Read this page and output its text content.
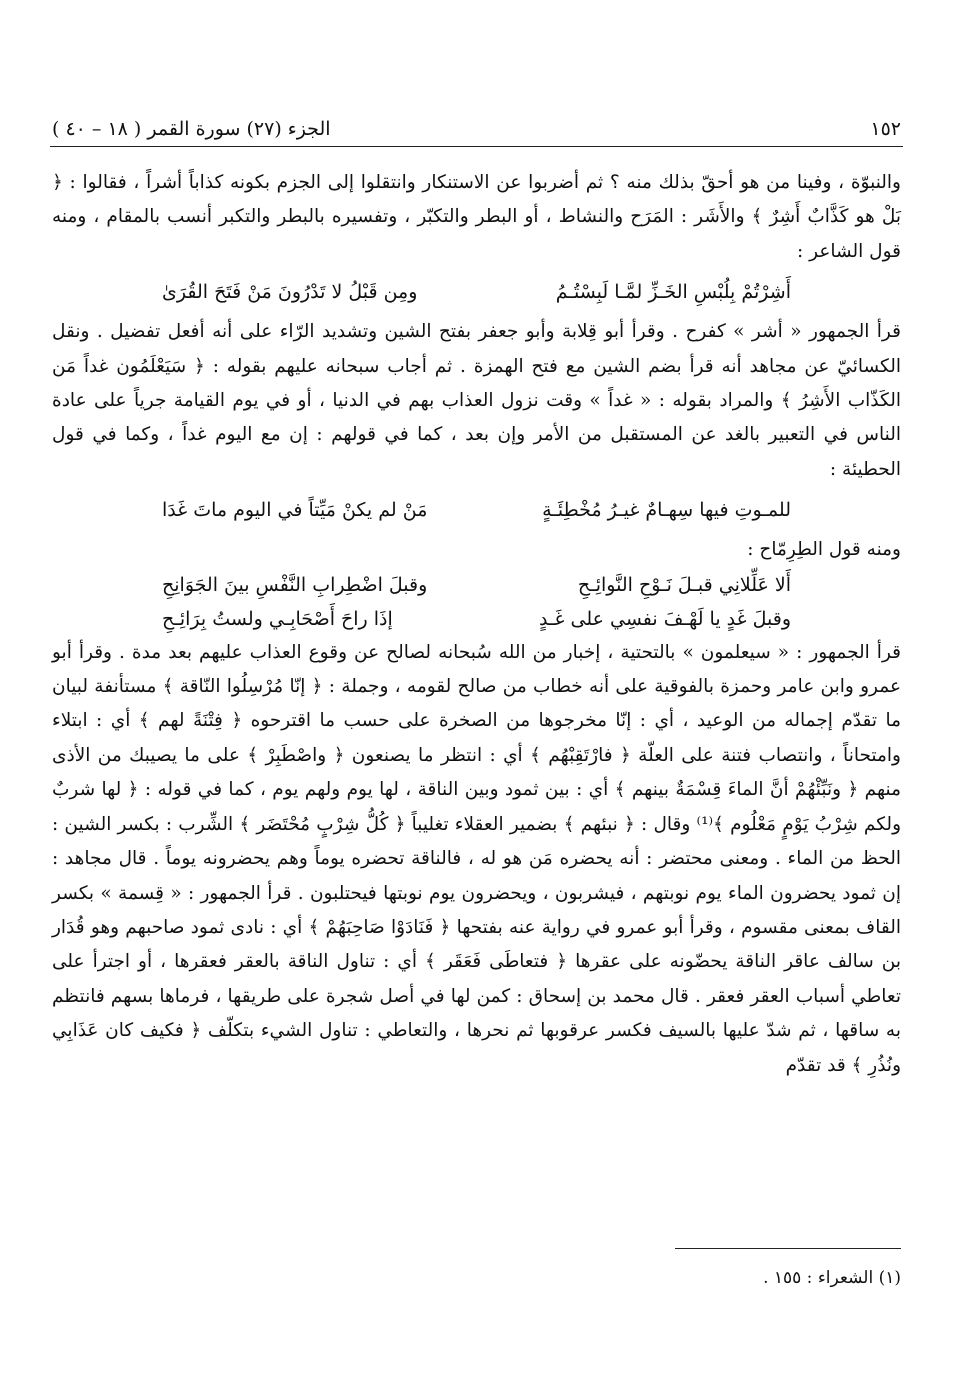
١٥٢
الجزء (٢٧) سورة القمر ( ١٨ – ٤٠ )

والنبوّة ، وفينا من هو أحقّ بذلك منه ؟ ثم أضربوا عن الاستنكار وانتقلوا إلى الجزم بكونه كذاباً أشراً ، فقالوا : ﴿ بَلْ هو كَذَّابٌ أَشِرٌ ﴾ والأَشَر : المَرَح والنشاط ، أو البطر والتكبّر ، وتفسيره بالبطر والتكبر أنسب بالمقام ، ومنه قول الشاعر :

أَشِرْتُمْ بِلُبْسِ الخَـزِّ لمَّـا لَبِسْتُـمُ
ومِن قَبْلُ لا تَدْرُونَ مَنْ فَتَحَ القُرَىٰ

قرأ الجمهور « أشر » كفرح . وقرأ أبو قِلابة وأبو جعفر بفتح الشين وتشديد الرّاء على أنه أفعل تفضيل . ونقل الكسائيّ عن مجاهد أنه قرأ بضم الشين مع فتح الهمزة . ثم أجاب سبحانه عليهم بقوله : ﴿ سَيَعْلَمُون غداً مَن الكَذّاب الأَشِرُ ﴾ والمراد بقوله : « غداً » وقت نزول العذاب بهم في الدنيا ، أو في يوم القيامة جرياً على عادة الناس في التعبير بالغد عن المستقبل من الأمر وإن بعد ، كما في قولهم : إن مع اليوم غداً ، وكما في قول الحطيئة :

للمـوتِ فيها سِهـامٌ غيـرُ مُخْطِئَـةٍ
مَنْ لم يكنْ مَيِّتاً في اليوم ماتَ غَدَا

ومنه قول الطِرِمّاح :

أَلا عَلِّلانِي قبـلَ نَـوْحِ النَّوائِـحِ
وقبلَ اضْطِرابِ النَّفْسِ بينَ الجَوَانِحِ
وقبلَ غَدٍ يا لَهْـفَ نفسِي على غَـدٍ
إذَا راحَ أَصْحَابِـي ولستُ بِرَائِـحِ

قرأ الجمهور : « سيعلمون » بالتحتية ، إخبار من الله سُبحانه لصالح عن وقوع العذاب عليهم بعد مدة . وقرأ أبو عمرو وابن عامر وحمزة بالفوقية على أنه خطاب من صالح لقومه ، وجملة : ﴿ إنّا مُرْسِلُوا النّاقة ﴾ مستأنفة لبيان ما تقدّم إجماله من الوعيد ، أي : إنّا مخرجوها من الصخرة على حسب ما اقترحوه ﴿ فِتْنَةً لهم ﴾ أي : ابتلاء وامتحاناً ، وانتصاب فتنة على العلّة ﴿ فارْتَقِبْهُم ﴾ أي : انتظر ما يصنعون ﴿ واصْطَبِرْ ﴾ على ما يصيبك من الأذى منهم ﴿ ونَبِّئْهُمْ أنَّ الماءَ قِسْمَةٌ بينهم ﴾ أي : بين ثمود وبين الناقة ، لها يوم ولهم يوم ، كما في قوله : ﴿ لها شربٌ ولكم شِرْبُ يَوْمٍ مَعْلُوم ﴾⁽¹⁾ وقال : ﴿ نبئهم ﴾ بضمير العقلاء تغليباً ﴿ كُلُّ شِرْبٍ مُحْتَضَر ﴾ الشِّرب : بكسر الشين : الحظ من الماء . ومعنى محتضر : أنه يحضره مَن هو له ، فالناقة تحضره يوماً وهم يحضرونه يوماً . قال مجاهد : إن ثمود يحضرون الماء يوم نوبتهم ، فيشربون ، ويحضرون يوم نوبتها فيحتلبون . قرأ الجمهور : « قِسمة » بكسر القاف بمعنى مقسوم ، وقرأ أبو عمرو في رواية عنه بفتحها ﴿ فَنَادَوْا صَاحِبَهُمْ ﴾ أي : نادى ثمود صاحبهم وهو قُدَار بن سالف عاقر الناقة يحضّونه على عقرها ﴿ فتعاطَى فَعَقَر ﴾ أي : تناول الناقة بالعقر فعقرها ، أو اجترأ على تعاطي أسباب العقر فعقر . قال محمد بن إسحاق : كمن لها في أصل شجرة على طريقها ، فرماها بسهم فانتظم به ساقها ، ثم شدّ عليها بالسيف فكسر عرقوبها ثم نحرها ، والتعاطي : تناول الشيء بتكلّف ﴿ فكيف كان عَذَابِي ونُذُرِ ﴾ قد تقدّم

(١) الشعراء : ١٥٥ .
